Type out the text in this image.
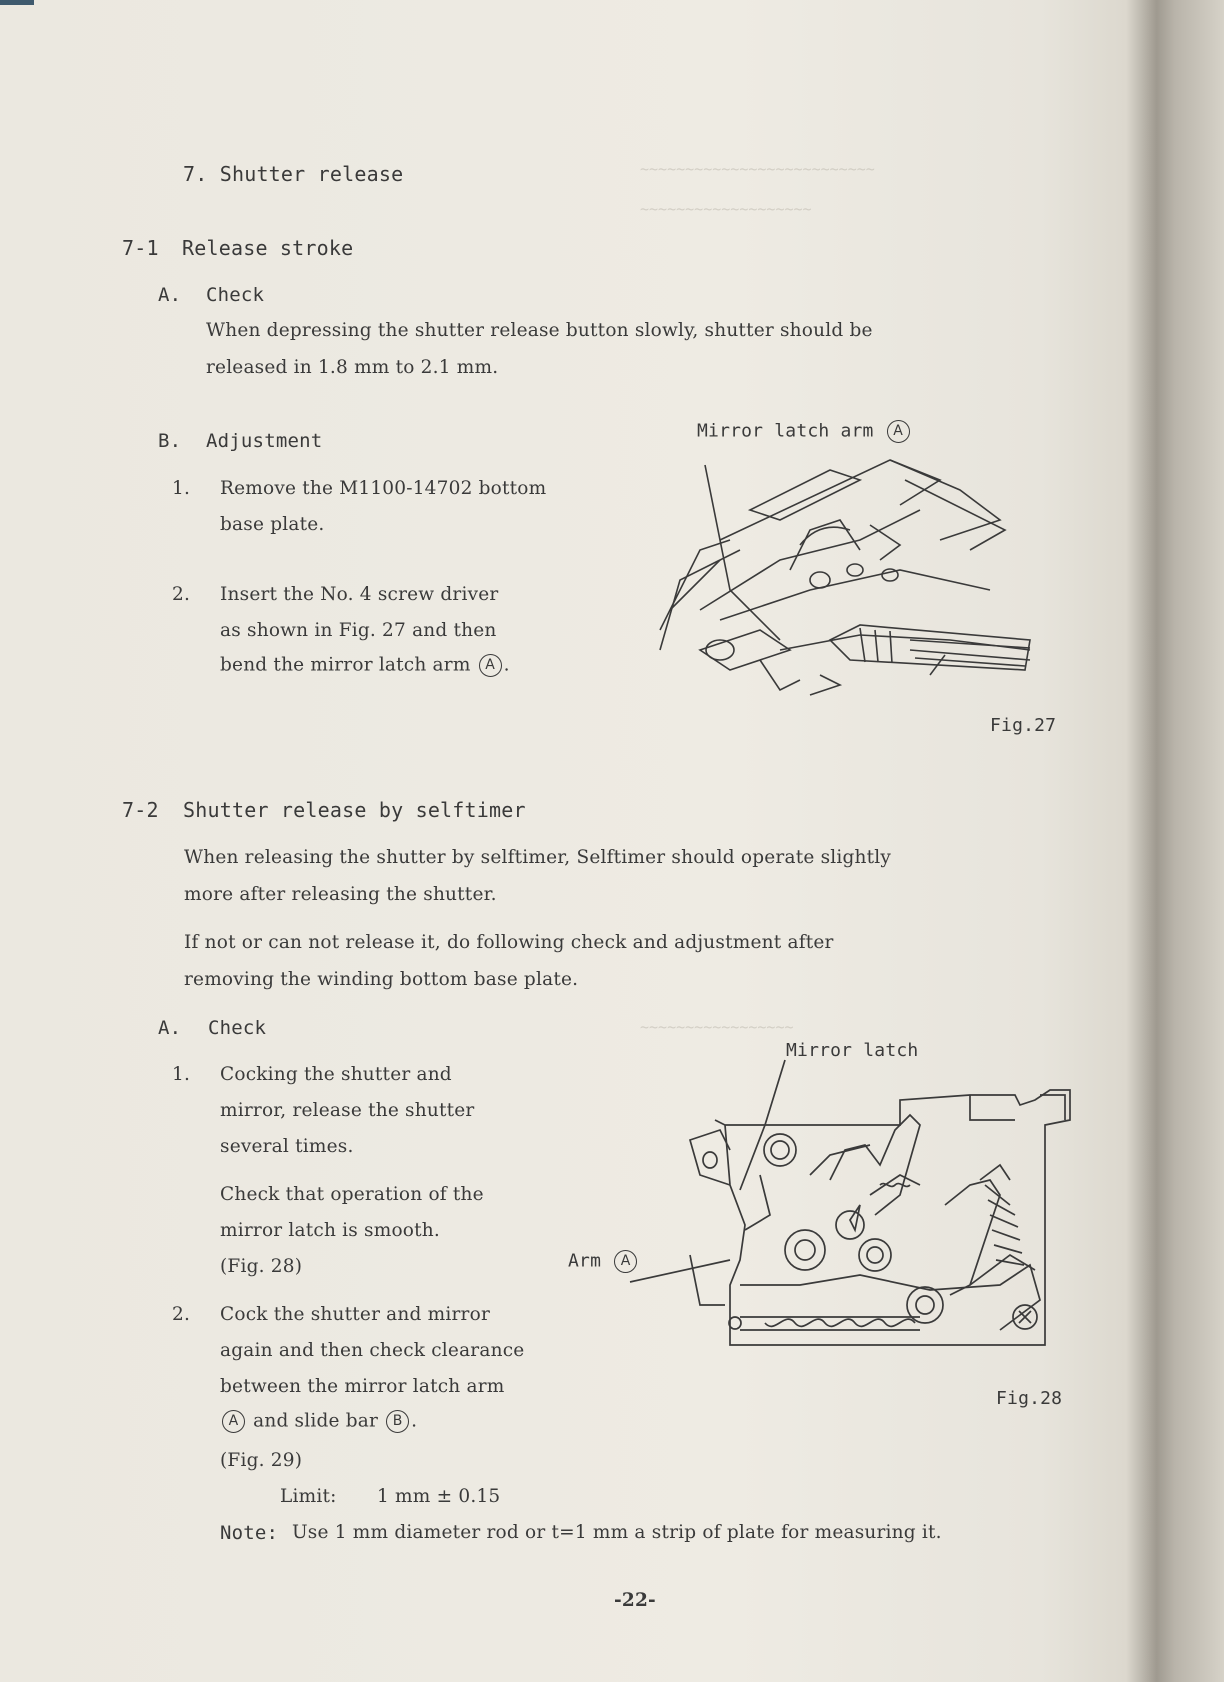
~~~~~~~~~~~~~~~~~~~~~~~~~~
~~~~~~~~~~~~~~~~~~~
~~~~~~~~~~~~~~~~~
7. Shutter release
7-1 Release stroke
A. Check
When depressing the shutter release button slowly, shutter should be
released in 1.8 mm to 2.1 mm.
B. Adjustment
1. Remove the M1100-14702 bottom
base plate.
2. Insert the No. 4 screw driver
as shown in Fig. 27 and then
bend the mirror latch arm A .
Mirror latch arm A
Fig.27
7-2 Shutter release by selftimer
When releasing the shutter by selftimer, Selftimer should operate slightly
more after releasing the shutter.
If not or can not release it, do following check and adjustment after
removing the winding bottom base plate.
A. Check
1. Cocking the shutter and
mirror, release the shutter
several times.
Check that operation of the
mirror latch is smooth.
(Fig. 28)
2. Cock the shutter and mirror
again and then check clearance
between the mirror latch arm
A and slide bar B .
(Fig. 29)
Limit: 1 mm ± 0.15
Mirror latch
Arm A
Fig.28
Note: Use 1 mm diameter rod or t=1 mm a strip of plate for measuring it.
-22-
